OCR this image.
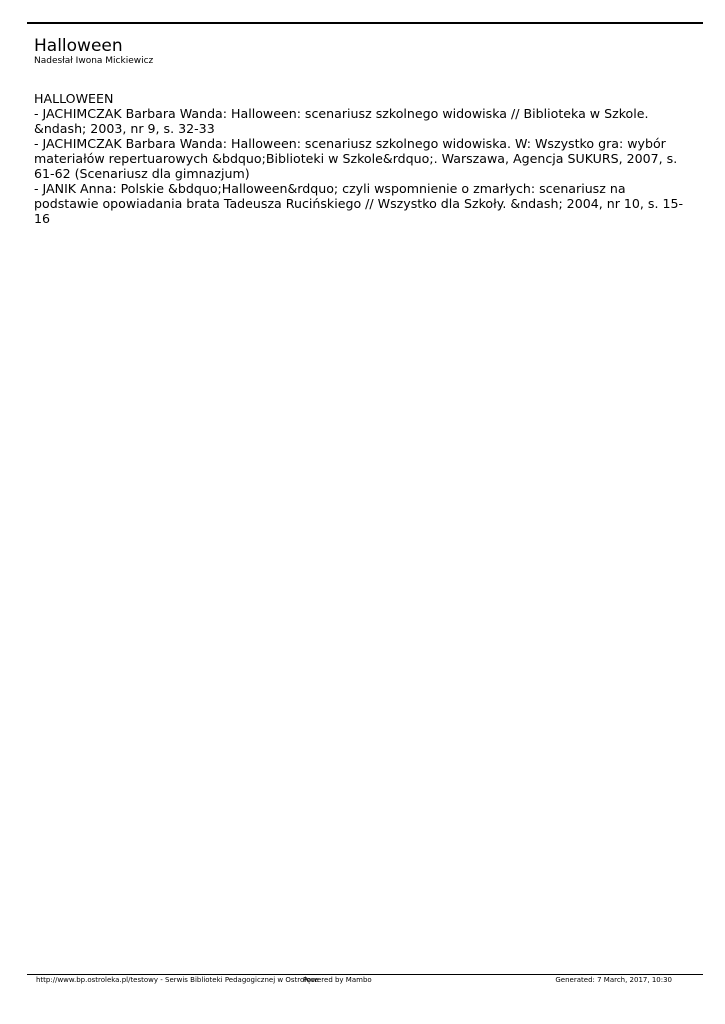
Halloween
Nadesłał Iwona Mickiewicz
HALLOWEEN

- JACHIMCZAK Barbara Wanda: Halloween: scenariusz szkolnego widowiska // Biblioteka w Szkole. &ndash; 2003, nr 9, s. 32-33

- JACHIMCZAK Barbara Wanda: Halloween: scenariusz szkolnego widowiska. W: Wszystko gra: wybór materiałów repertuarowych &bdquo;Biblioteki w Szkole&rdquo;. Warszawa, Agencja SUKURS, 2007, s. 61-62 (Scenariusz dla gimnazjum)

- JANIK Anna: Polskie &bdquo;Halloween&rdquo; czyli wspomnienie o zmarłych: scenariusz na podstawie opowiadania brata Tadeusza Rucińskiego // Wszystko dla Szkoły. &ndash; 2004, nr 10, s. 15-16

http://www.bp.ostroleka.pl/testowy - Serwis Biblioteki Pedagogicznej w Ostrołęce
Powered by Mambo	Generated: 7 March, 2017, 10:30
